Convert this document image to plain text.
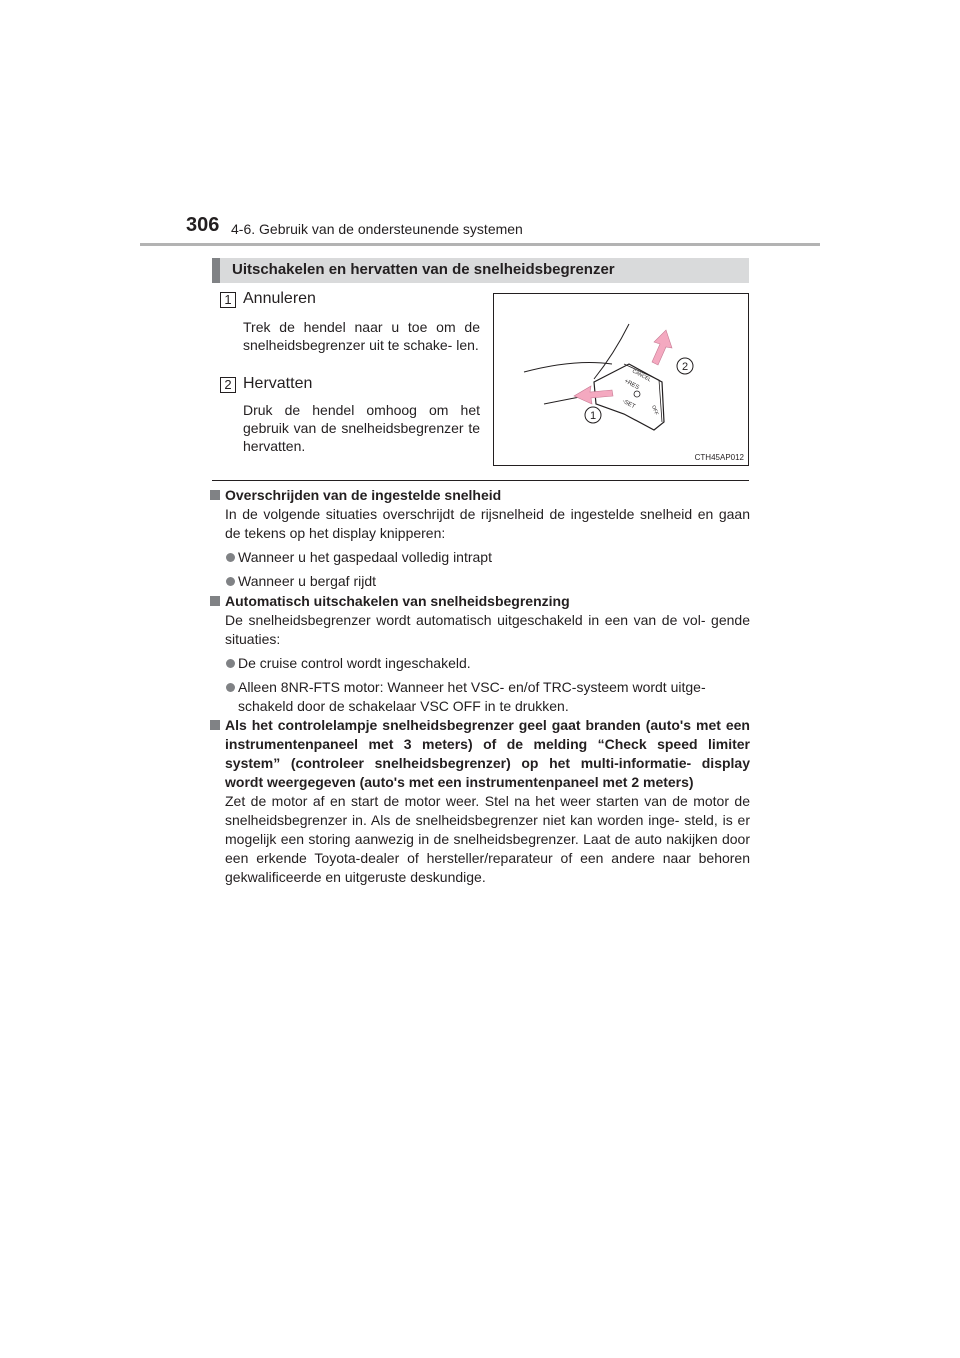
306 4-6. Gebruik van de ondersteunende systemen
Uitschakelen en hervatten van de snelheidsbegrenzer
1 Annuleren
Trek de hendel naar u toe om de snelheidsbegrenzer uit te schake- len.
2 Hervatten
Druk de hendel omhoog om het gebruik van de snelheidsbegrenzer te hervatten.
CANCEL
+RES
-SET
OFF
2
1
CTH45AP012
Overschrijden van de ingestelde snelheid
In de volgende situaties overschrijdt de rijsnelheid de ingestelde snelheid en gaan de tekens op het display knipperen:
Wanneer u het gaspedaal volledig intrapt
Wanneer u bergaf rijdt
Automatisch uitschakelen van snelheidsbegrenzing
De snelheidsbegrenzer wordt automatisch uitgeschakeld in een van de vol- gende situaties:
De cruise control wordt ingeschakeld.
Alleen 8NR-FTS motor: Wanneer het VSC- en/of TRC-systeem wordt uitge- schakeld door de schakelaar VSC OFF in te drukken.
Als het controlelampje snelheidsbegrenzer geel gaat branden (auto's met een instrumentenpaneel met 3 meters) of de melding “Check speed limiter system” (controleer snelheidsbegrenzer) op het multi-informatie- display wordt weergegeven (auto's met een instrumentenpaneel met 2 meters)
Zet de motor af en start de motor weer. Stel na het weer starten van de motor de snelheidsbegrenzer in. Als de snelheidsbegrenzer niet kan worden inge- steld, is er mogelijk een storing aanwezig in de snelheidsbegrenzer. Laat de auto nakijken door een erkende Toyota-dealer of hersteller/reparateur of een andere naar behoren gekwalificeerde en uitgeruste deskundige.
